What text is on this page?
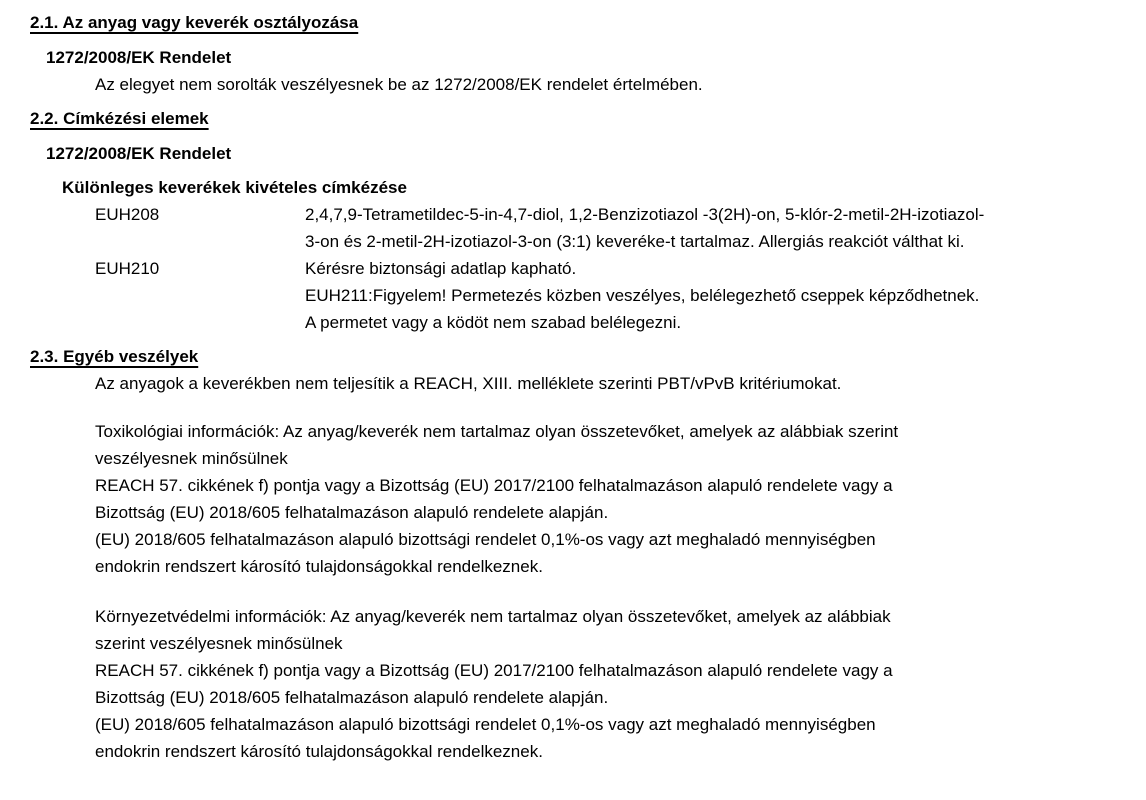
2.1. Az anyag vagy keverék osztályozása
1272/2008/EK Rendelet
Az elegyet nem sorolták veszélyesnek be az 1272/2008/EK rendelet értelmében.
2.2. Címkézési elemek
1272/2008/EK Rendelet
Különleges keverékek kivételes címkézése
EUH208	2,4,7,9-Tetrametildec-5-in-4,7-diol, 1,2-Benzizotiazol -3(2H)-on, 5-klór-2-metil-2H-izotiazol-
3-on és 2-metil-2H-izotiazol-3-on (3:1) keveréke-t tartalmaz. Allergiás reakciót válthat ki.
EUH210	Kérésre biztonsági adatlap kapható.
EUH211:Figyelem! Permetezés közben veszélyes, belélegezhető cseppek képződhetnek.
A permetet vagy a ködöt nem szabad belélegezni.
2.3. Egyéb veszélyek
Az anyagok a keverékben nem teljesítik a REACH, XIII. melléklete szerinti PBT/vPvB kritériumokat.
Toxikológiai információk: Az anyag/keverék nem tartalmaz olyan összetevőket, amelyek az alábbiak szerint
veszélyesnek minősülnek
REACH 57. cikkének f) pontja vagy a Bizottság (EU) 2017/2100 felhatalmazáson alapuló rendelete vagy a
Bizottság (EU) 2018/605 felhatalmazáson alapuló rendelete alapján.
(EU) 2018/605 felhatalmazáson alapuló bizottsági rendelet 0,1%-os vagy azt meghaladó mennyiségben
endokrin rendszert károsító tulajdonságokkal rendelkeznek.
Környezetvédelmi információk: Az anyag/keverék nem tartalmaz olyan összetevőket, amelyek az alábbiak
szerint veszélyesnek minősülnek
REACH 57. cikkének f) pontja vagy a Bizottság (EU) 2017/2100 felhatalmazáson alapuló rendelete vagy a
Bizottság (EU) 2018/605 felhatalmazáson alapuló rendelete alapján.
(EU) 2018/605 felhatalmazáson alapuló bizottsági rendelet 0,1%-os vagy azt meghaladó mennyiségben
endokrin rendszert károsító tulajdonságokkal rendelkeznek.
